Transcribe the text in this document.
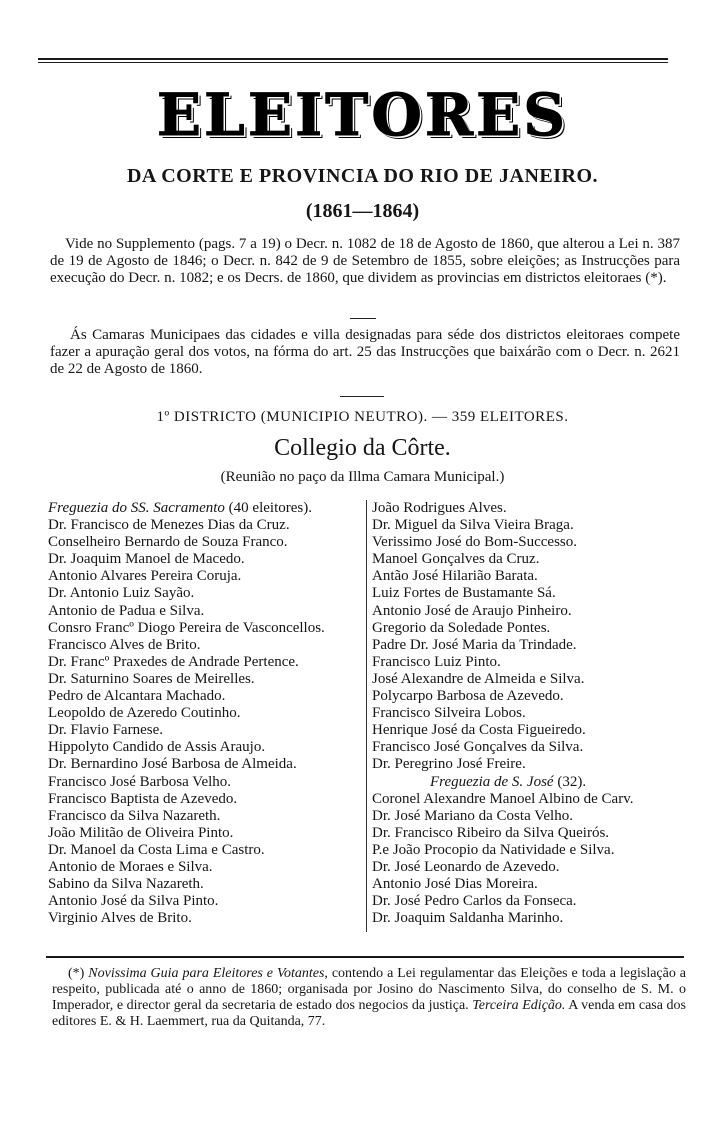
ELEITORES
DA CORTE E PROVINCIA DO RIO DE JANEIRO.
(1861—1864)
Vide no Supplemento (pags. 7 a 19) o Decr. n. 1082 de 18 de Agosto de 1860, que alterou a Lei n. 387 de 19 de Agosto de 1846; o Decr. n. 842 de 9 de Setembro de 1855, sobre eleições; as Instrucções para execução do Decr. n. 1082; e os Decrs. de 1860, que dividem as provincias em districtos eleitoraes (*).
Ás Camaras Municipaes das cidades e villa designadas para séde dos districtos eleitoraes compete fazer a apuração geral dos votos, na fórma do art. 25 das Instrucções que baixárão com o Decr. n. 2621 de 22 de Agosto de 1860.
1º DISTRICTO (MUNICIPIO NEUTRO). — 359 ELEITORES.
Collegio da Côrte.
(Reunião no paço da Illma Camara Municipal.)
Freguezia do SS. Sacramento (40 eleitores).
Dr. Francisco de Menezes Dias da Cruz.
Conselheiro Bernardo de Souza Franco.
Dr. Joaquim Manoel de Macedo.
Antonio Alvares Pereira Coruja.
Dr. Antonio Luiz Sayão.
Antonio de Padua e Silva.
Consro Francº Diogo Pereira de Vasconcellos.
Francisco Alves de Brito.
Dr. Francº Praxedes de Andrade Pertence.
Dr. Saturnino Soares de Meirelles.
Pedro de Alcantara Machado.
Leopoldo de Azeredo Coutinho.
Dr. Flavio Farnese.
Hippolyto Candido de Assis Araujo.
Dr. Bernardino José Barbosa de Almeida.
Francisco José Barbosa Velho.
Francisco Baptista de Azevedo.
Francisco da Silva Nazareth.
João Militão de Oliveira Pinto.
Dr. Manoel da Costa Lima e Castro.
Antonio de Moraes e Silva.
Sabino da Silva Nazareth.
Antonio José da Silva Pinto.
Virginio Alves de Brito.
João Rodrigues Alves.
Dr. Miguel da Silva Vieira Braga.
Verissimo José do Bom-Successo.
Manoel Gonçalves da Cruz.
Antão José Hilarião Barata.
Luiz Fortes de Bustamante Sá.
Antonio José de Araujo Pinheiro.
Gregorio da Soledade Pontes.
Padre Dr. José Maria da Trindade.
Francisco Luiz Pinto.
José Alexandre de Almeida e Silva.
Polycarpo Barbosa de Azevedo.
Francisco Silveira Lobos.
Henrique José da Costa Figueiredo.
Francisco José Gonçalves da Silva.
Dr. Peregrino José Freire.
Freguezia de S. José (32).
Coronel Alexandre Manoel Albino de Carv.
Dr. José Mariano da Costa Velho.
Dr. Francisco Ribeiro da Silva Queirós.
P.e João Procopio da Natividade e Silva.
Dr. José Leonardo de Azevedo.
Antonio José Dias Moreira.
Dr. José Pedro Carlos da Fonseca.
Dr. Joaquim Saldanha Marinho.
(*) Novissima Guia para Eleitores e Votantes, contendo a Lei regulamentar das Eleições e toda a legislação a respeito, publicada até o anno de 1860; organisada por Josino do Nascimento Silva, do conselho de S. M. o Imperador, e director geral da secretaria de estado dos negocios da justiça. Terceira Edição. A venda em casa dos editores E. & H. Laemmert, rua da Quitanda, 77.
